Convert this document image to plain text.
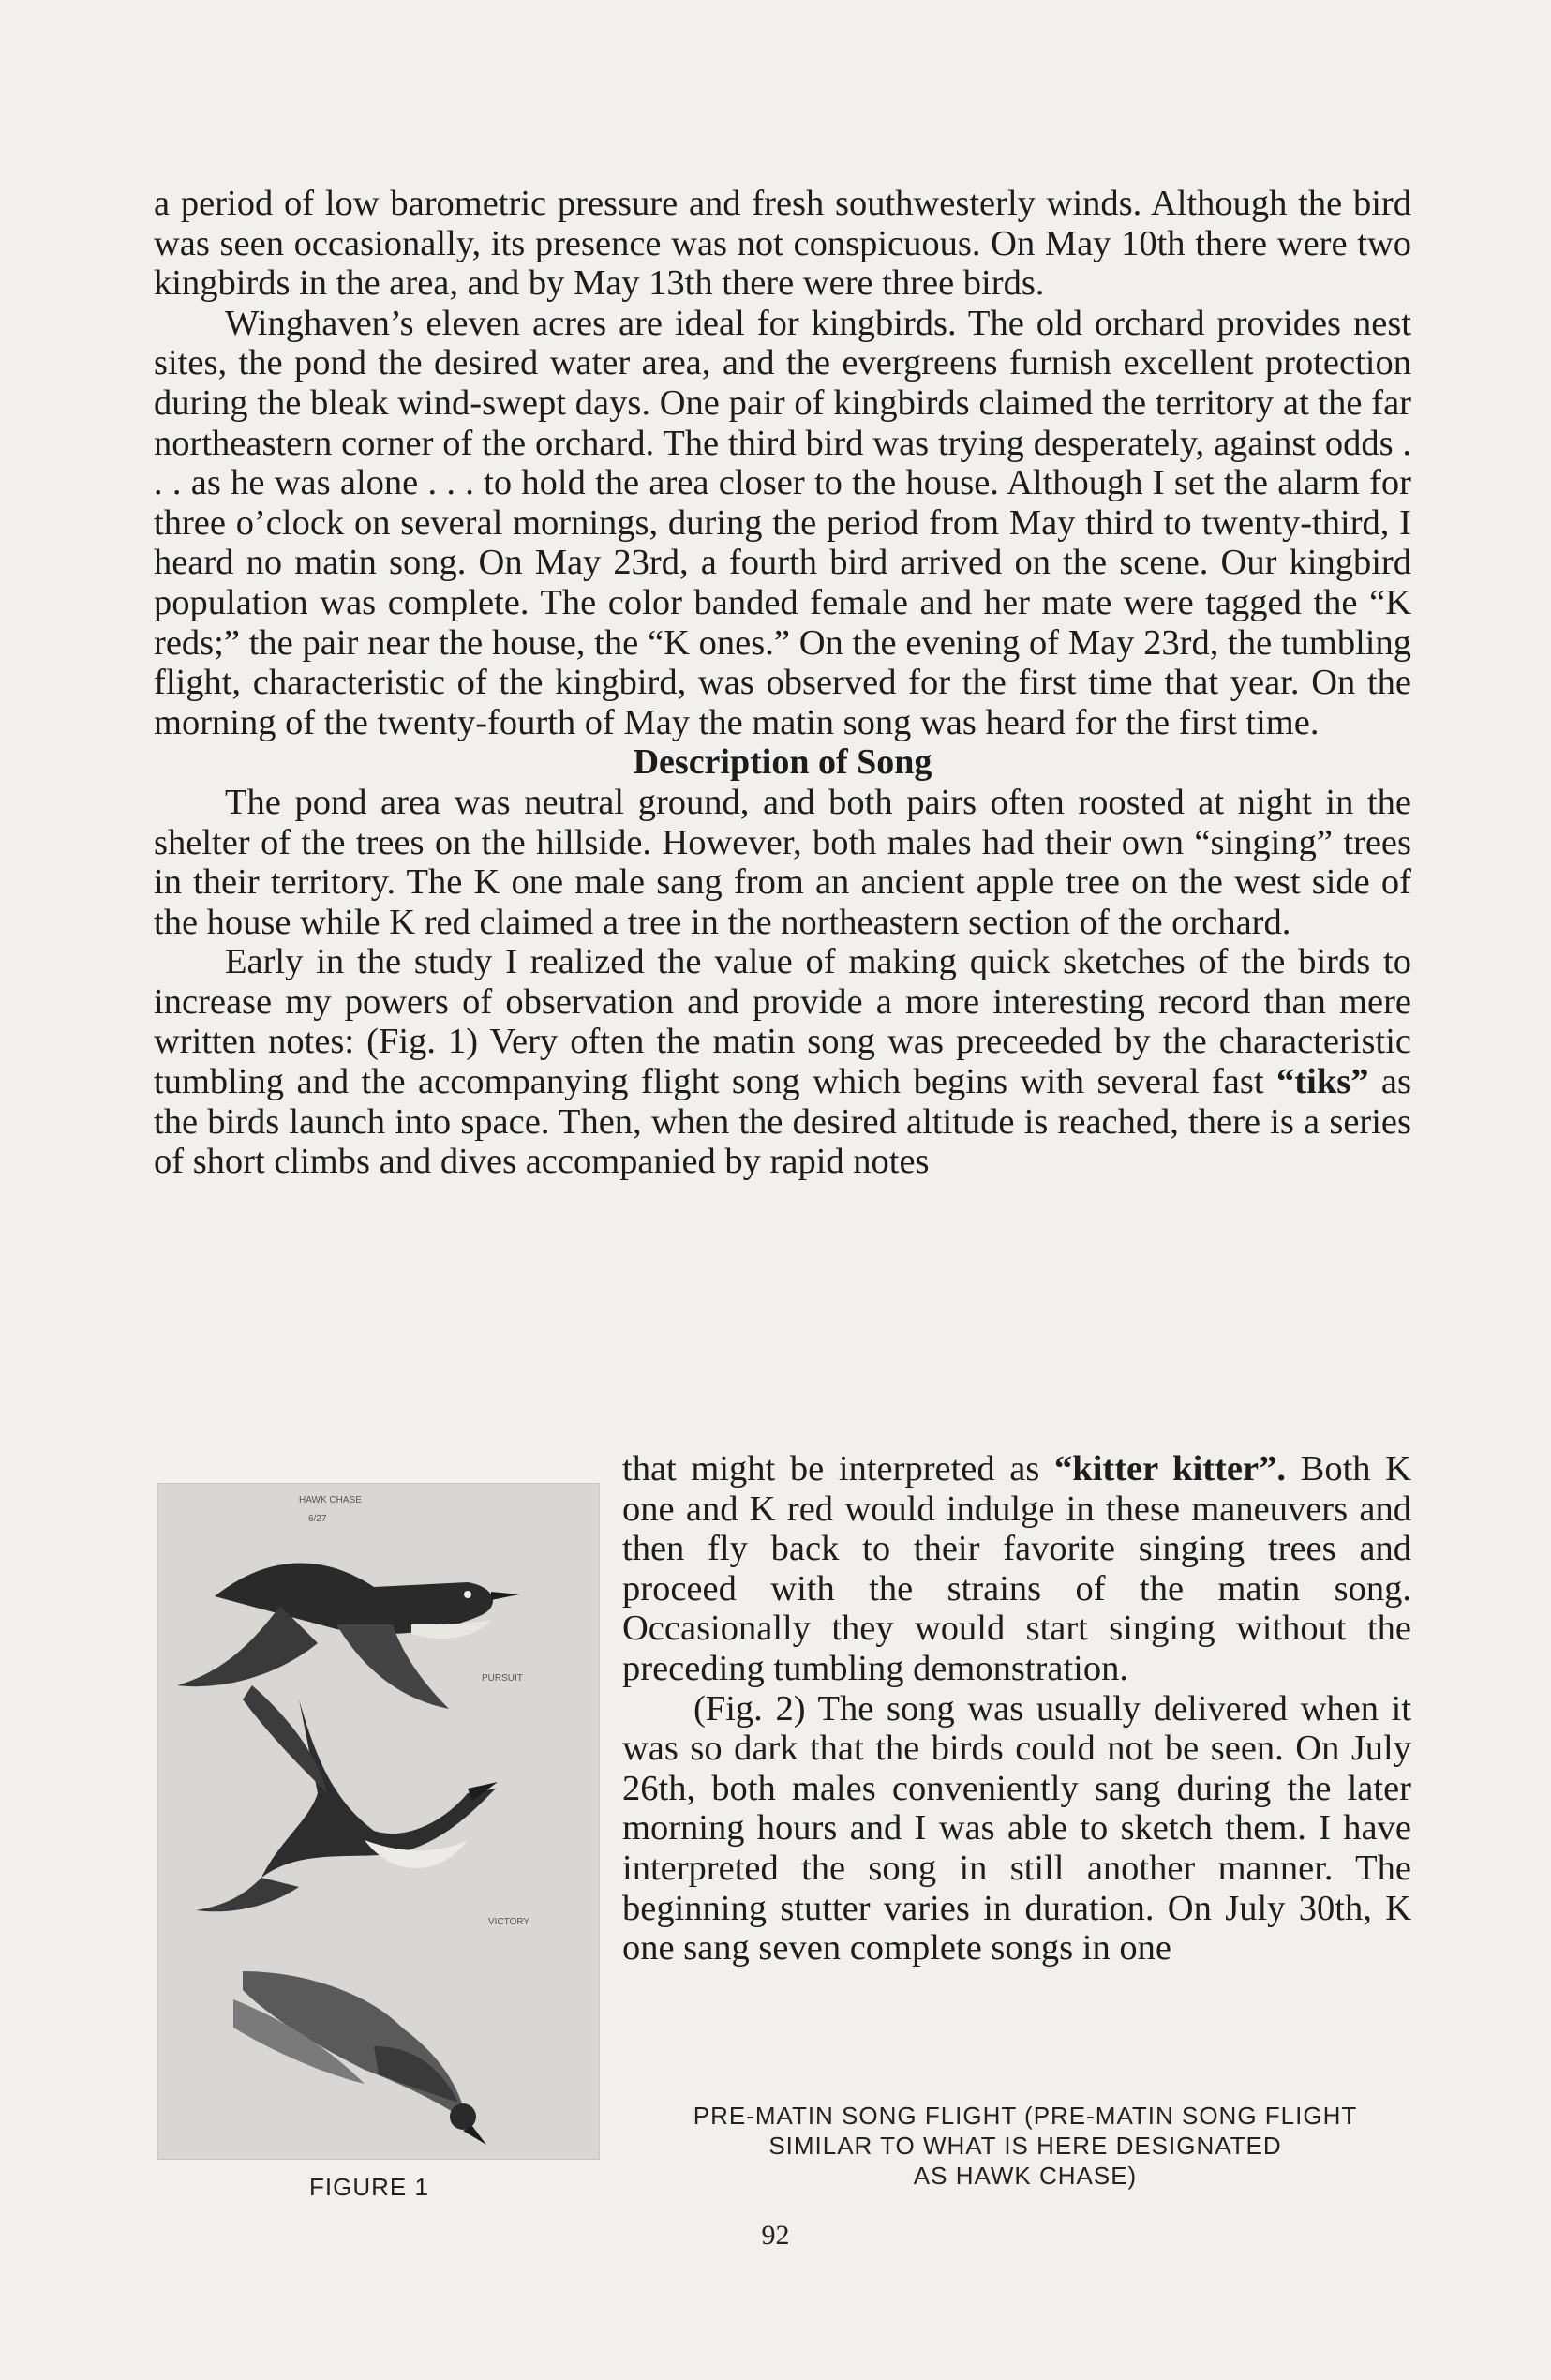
a period of low barometric pressure and fresh southwesterly winds. Although the bird was seen occasionally, its presence was not conspicuous. On May 10th there were two kingbirds in the area, and by May 13th there were three birds.

Winghaven’s eleven acres are ideal for kingbirds. The old orchard provides nest sites, the pond the desired water area, and the evergreens furnish excellent protection during the bleak wind-swept days. One pair of kingbirds claimed the territory at the far northeastern corner of the orchard. The third bird was trying desperately, against odds . . . as he was alone . . . to hold the area closer to the house. Although I set the alarm for three o’clock on several mornings, during the period from May third to twenty-third, I heard no matin song. On May 23rd, a fourth bird arrived on the scene. Our kingbird population was complete. The color banded female and her mate were tagged the “K reds;” the pair near the house, the “K ones.” On the evening of May 23rd, the tumbling flight, characteristic of the kingbird, was observed for the first time that year. On the morning of the twenty-fourth of May the matin song was heard for the first time.

Description of Song

The pond area was neutral ground, and both pairs often roosted at night in the shelter of the trees on the hillside. However, both males had their own “singing” trees in their territory. The K one male sang from an ancient apple tree on the west side of the house while K red claimed a tree in the northeastern section of the orchard.

Early in the study I realized the value of making quick sketches of the birds to increase my powers of observation and provide a more interesting record than mere written notes: (Fig. 1) Very often the matin song was preceeded by the characteristic tumbling and the accompanying flight song which begins with several fast “tiks” as the birds launch into space. Then, when the desired altitude is reached, there is a series of short climbs and dives accompanied by rapid notes

HAWK CHASE
6/27
PURSUIT
VICTORY

that might be interpreted as “kitter kitter”. Both K one and K red would indulge in these maneuvers and then fly back to their favorite singing trees and proceed with the strains of the matin song. Occasionally they would start singing without the preceding tumbling demonstration.

(Fig. 2) The song was usually delivered when it was so dark that the birds could not be seen. On July 26th, both males conveniently sang during the later morning hours and I was able to sketch them. I have interpreted the song in still another manner. The beginning stutter varies in duration. On July 30th, K one sang seven complete songs in one

FIGURE 1
PRE-MATIN SONG FLIGHT (PRE-MATIN SONG FLIGHT
SIMILAR TO WHAT IS HERE DESIGNATED
AS HAWK CHASE)
92
